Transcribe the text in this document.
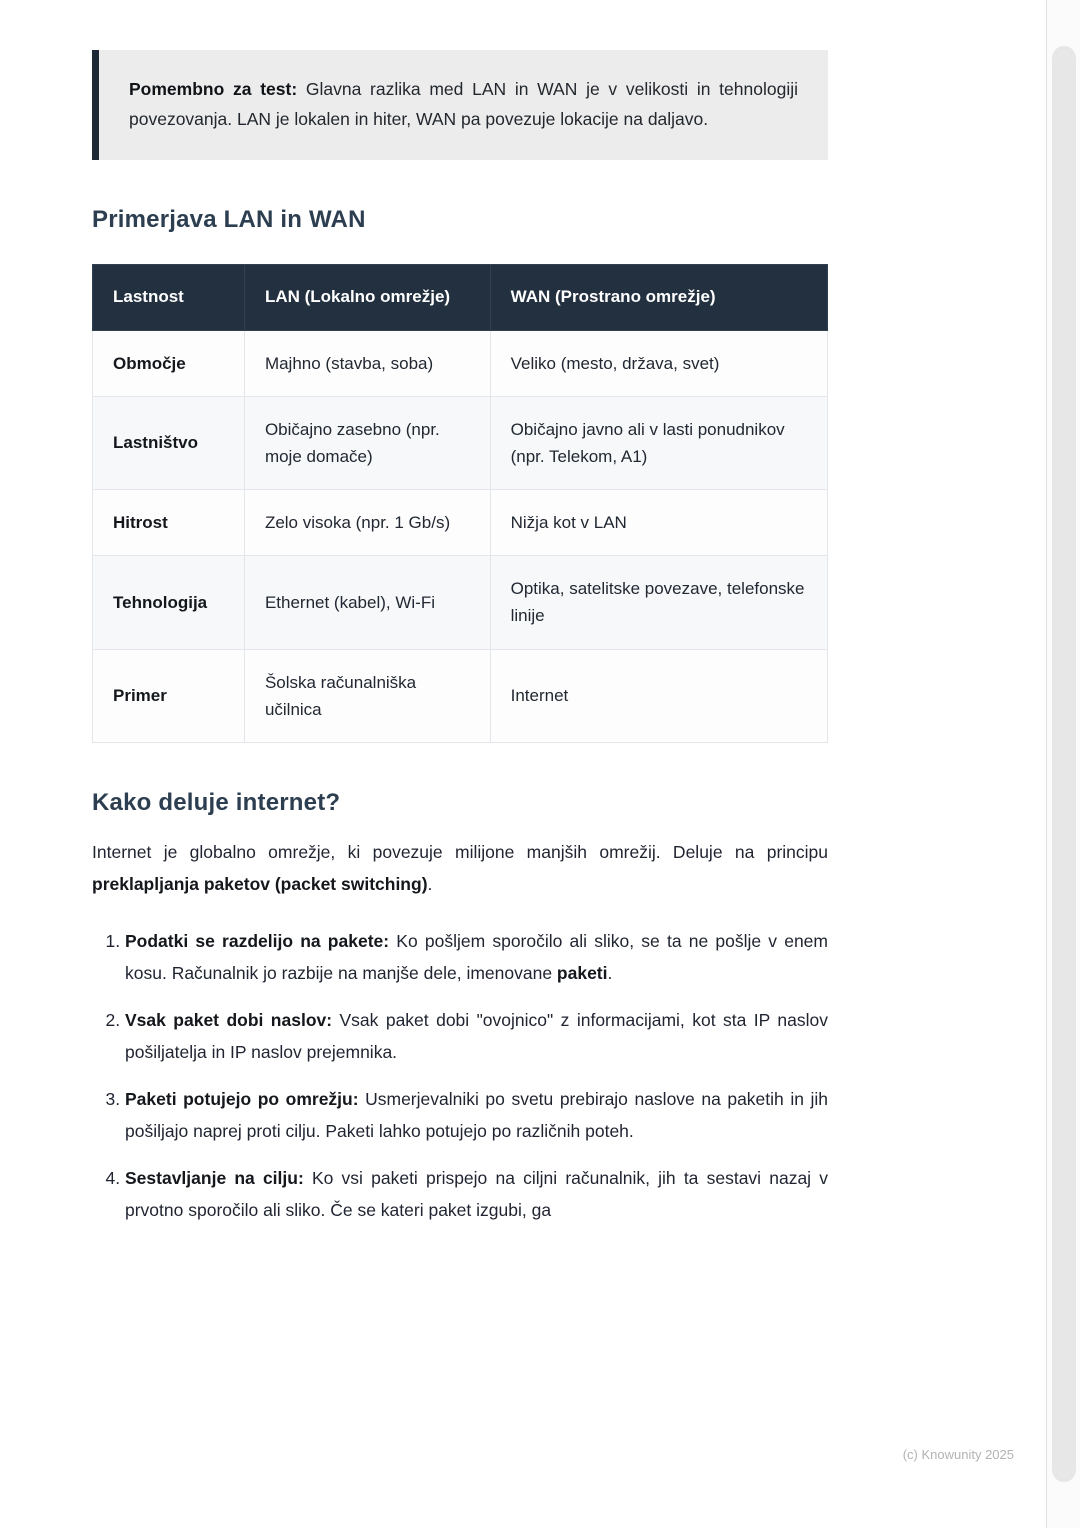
Pomembno za test: Glavna razlika med LAN in WAN je v velikosti in tehnologiji povezovanja. LAN je lokalen in hiter, WAN pa povezuje lokacije na daljavo.

Primerjava LAN in WAN
Lastnost	LAN (Lokalno omrežje)	WAN (Prostrano omrežje)
Območje	Majhno (stavba, soba)	Veliko (mesto, država, svet)
Lastništvo	Običajno zasebno (npr. moje domače)	Običajno javno ali v lasti ponudnikov (npr. Telekom, A1)
Hitrost	Zelo visoka (npr. 1 Gb/s)	Nižja kot v LAN
Tehnologija	Ethernet (kabel), Wi-Fi	Optika, satelitske povezave, telefonske linije
Primer	Šolska računalniška učilnica	Internet
Kako deluje internet?

Internet je globalno omrežje, ki povezuje milijone manjših omrežij. Deluje na principu preklapljanja paketov (packet switching).

1. Podatki se razdelijo na pakete: Ko pošljem sporočilo ali sliko, se ta ne pošlje v enem kosu. Računalnik jo razbije na manjše dele, imenovane paketi.
2. Vsak paket dobi naslov: Vsak paket dobi "ovojnico" z informacijami, kot sta IP naslov pošiljatelja in IP naslov prejemnika.
3. Paketi potujejo po omrežju: Usmerjevalniki po svetu prebirajo naslove na paketih in jih pošiljajo naprej proti cilju. Paketi lahko potujejo po različnih poteh.
4. Sestavljanje na cilju: Ko vsi paketi prispejo na ciljni računalnik, jih ta sestavi nazaj v prvotno sporočilo ali sliko. Če se kateri paket izgubi, ga
(c) Knowunity 2025
